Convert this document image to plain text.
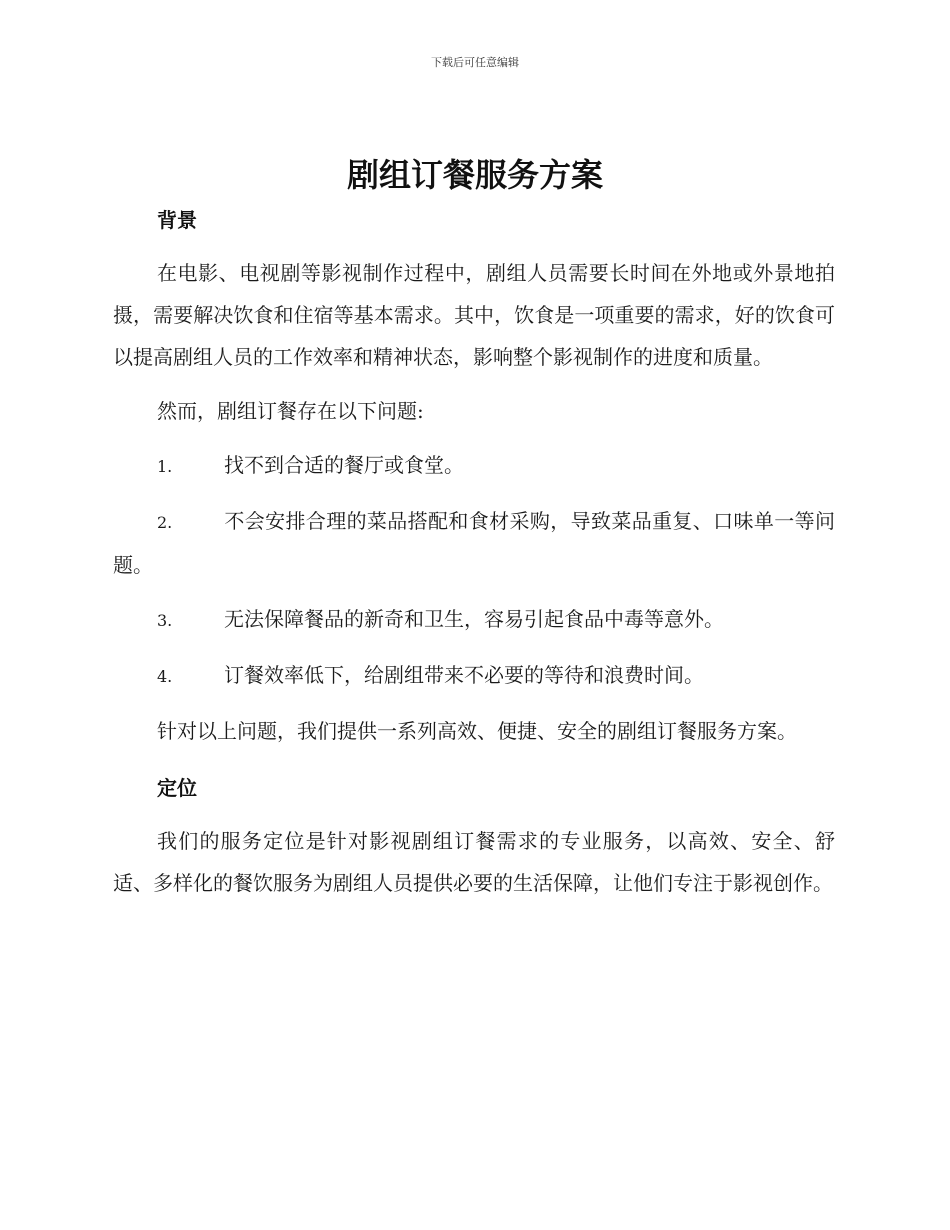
下载后可任意编辑
剧组订餐服务方案
背景

在电影、电视剧等影视制作过程中，剧组人员需要长时间在外地或外景地拍摄，需要解决饮食和住宿等基本需求。其中，饮食是一项重要的需求，好的饮食可以提高剧组人员的工作效率和精神状态，影响整个影视制作的进度和质量。

然而，剧组订餐存在以下问题:

1.	找不到合适的餐厅或食堂。

2.	不会安排合理的菜品搭配和食材采购，导致菜品重复、口味单一等问题。

3.	无法保障餐品的新奇和卫生，容易引起食品中毒等意外。

4.	订餐效率低下，给剧组带来不必要的等待和浪费时间。

针对以上问题，我们提供一系列高效、便捷、安全的剧组订餐服务方案。

定位

我们的服务定位是针对影视剧组订餐需求的专业服务，以高效、安全、舒适、多样化的餐饮服务为剧组人员提供必要的生活保障，让他们专注于影视创作。
